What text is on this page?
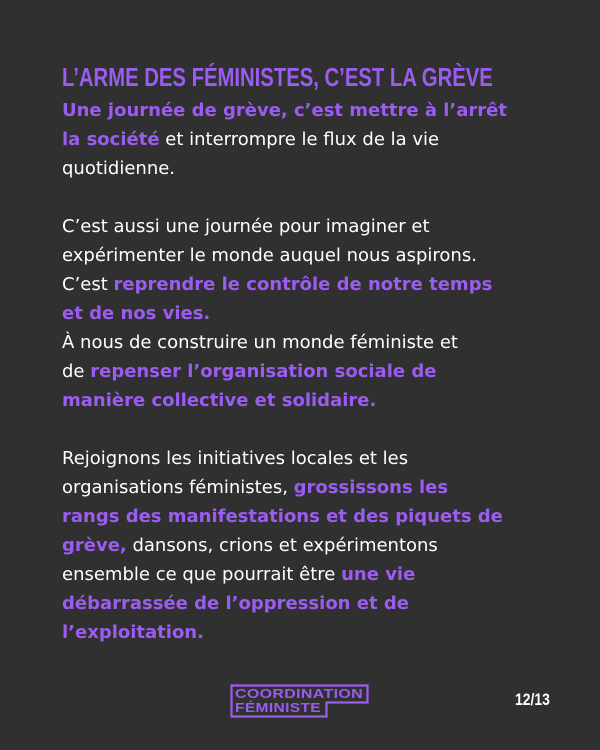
L’ARME DES FÉMINISTES, C’EST LA GRÈVE

Une journée de grève, c’est mettre à l’arrêt
la société et interrompre le flux de la vie
quotidienne.

C’est aussi une journée pour imaginer et
expérimenter le monde auquel nous aspirons.
C’est reprendre le contrôle de notre temps
et de nos vies.
À nous de construire un monde féministe et
de repenser l’organisation sociale de
manière collective et solidaire.

Rejoignons les initiatives locales et les
organisations féministes, grossissons les
rangs des manifestations et des piquets de
grève, dansons, crions et expérimentons
ensemble ce que pourrait être une vie
débarrassée de l’oppression et de
l’exploitation.

COORDINATION
FÉMINISTE	12/13
